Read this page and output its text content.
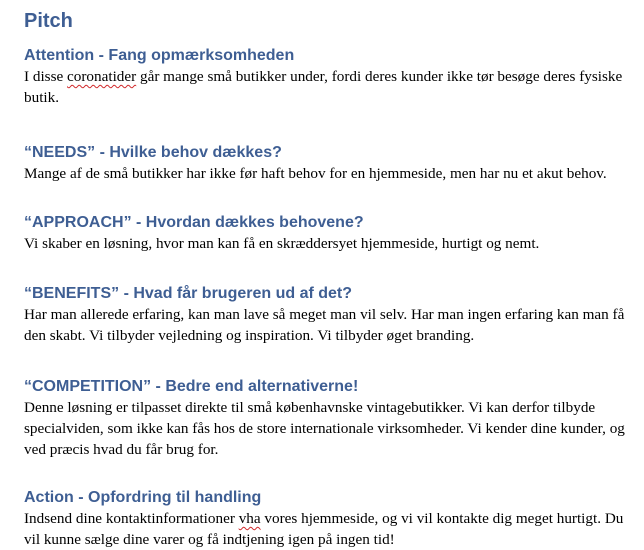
Pitch
Attention - Fang opmærksomheden

I disse coronatider går mange små butikker under, fordi deres kunder ikke tør besøge deres fysiske butik.

“NEEDS” - Hvilke behov dækkes?

Mange af de små butikker har ikke før haft behov for en hjemmeside, men har nu et akut behov.

“APPROACH” - Hvordan dækkes behovene?

Vi skaber en løsning, hvor man kan få en skræddersyet hjemmeside, hurtigt og nemt.

“BENEFITS” - Hvad får brugeren ud af det?

Har man allerede erfaring, kan man lave så meget man vil selv. Har man ingen erfaring kan man få den skabt. Vi tilbyder vejledning og inspiration. Vi tilbyder øget branding.

“COMPETITION” - Bedre end alternativerne!

Denne løsning er tilpasset direkte til små københavnske vintagebutikker. Vi kan derfor tilbyde specialviden, som ikke kan fås hos de store internationale virksomheder. Vi kender dine kunder, og ved præcis hvad du får brug for.

Action - Opfordring til handling

Indsend dine kontaktinformationer vha vores hjemmeside, og vi vil kontakte dig meget hurtigt. Du vil kunne sælge dine varer og få indtjening igen på ingen tid!
